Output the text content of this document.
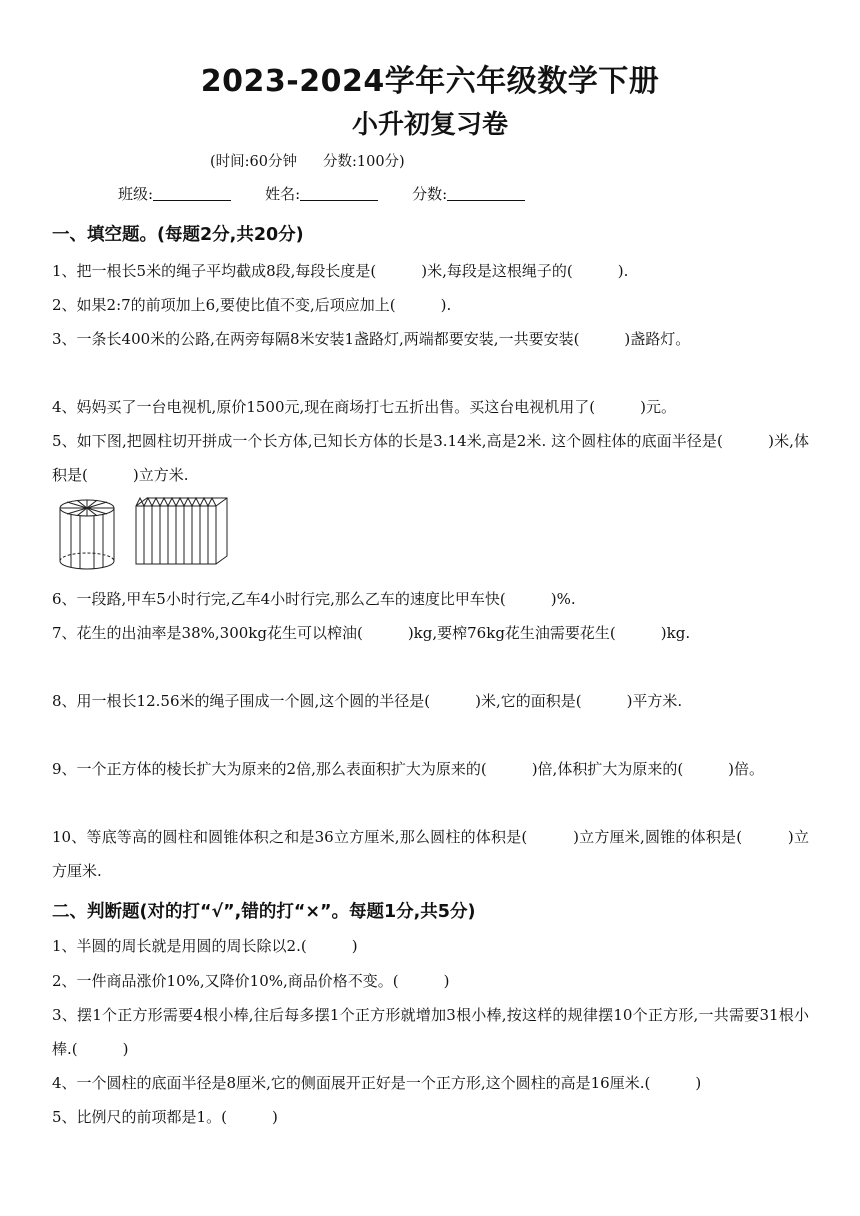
2023-2024学年六年级数学下册
小升初复习卷
(时间:60分钟 分数:100分)
班级:	姓名:	分数:
一、填空题。(每题2分,共20分)
1、把一根长5米的绳子平均截成8段,每段长度是(　　　)米,每段是这根绳子的(　　　).
2、如果2:7的前项加上6,要使比值不变,后项应加上(　　　).
3、一条长400米的公路,在两旁每隔8米安装1盏路灯,两端都要安装,一共要安装(　　　)盏路灯。
4、妈妈买了一台电视机,原价1500元,现在商场打七五折出售。买这台电视机用了(　　　)元。
5、如下图,把圆柱切开拼成一个长方体,已知长方体的长是3.14米,高是2米. 这个圆柱体的底面半径是(　　　)米,体积是(　　　)立方米.
6、一段路,甲车5小时行完,乙车4小时行完,那么乙车的速度比甲车快(　　　)%.
7、花生的出油率是38%,300kg花生可以榨油(　　　)kg,要榨76kg花生油需要花生(　　　)kg.
8、用一根长12.56米的绳子围成一个圆,这个圆的半径是(　　　)米,它的面积是(　　　)平方米.
9、一个正方体的棱长扩大为原来的2倍,那么表面积扩大为原来的(　　　)倍,体积扩大为原来的(　　　)倍。
10、等底等高的圆柱和圆锥体积之和是36立方厘米,那么圆柱的体积是(　　　)立方厘米,圆锥的体积是(　　　)立方厘米.
二、判断题(对的打“√”,错的打“×”。每题1分,共5分)
1、半圆的周长就是用圆的周长除以2.(　　　)
2、一件商品涨价10%,又降价10%,商品价格不变。(　　　)
3、摆1个正方形需要4根小棒,往后每多摆1个正方形就增加3根小棒,按这样的规律摆10个正方形,一共需要31根小棒.(　　　)
4、一个圆柱的底面半径是8厘米,它的侧面展开正好是一个正方形,这个圆柱的高是16厘米.(　　　)
5、比例尺的前项都是1。(　　　)
